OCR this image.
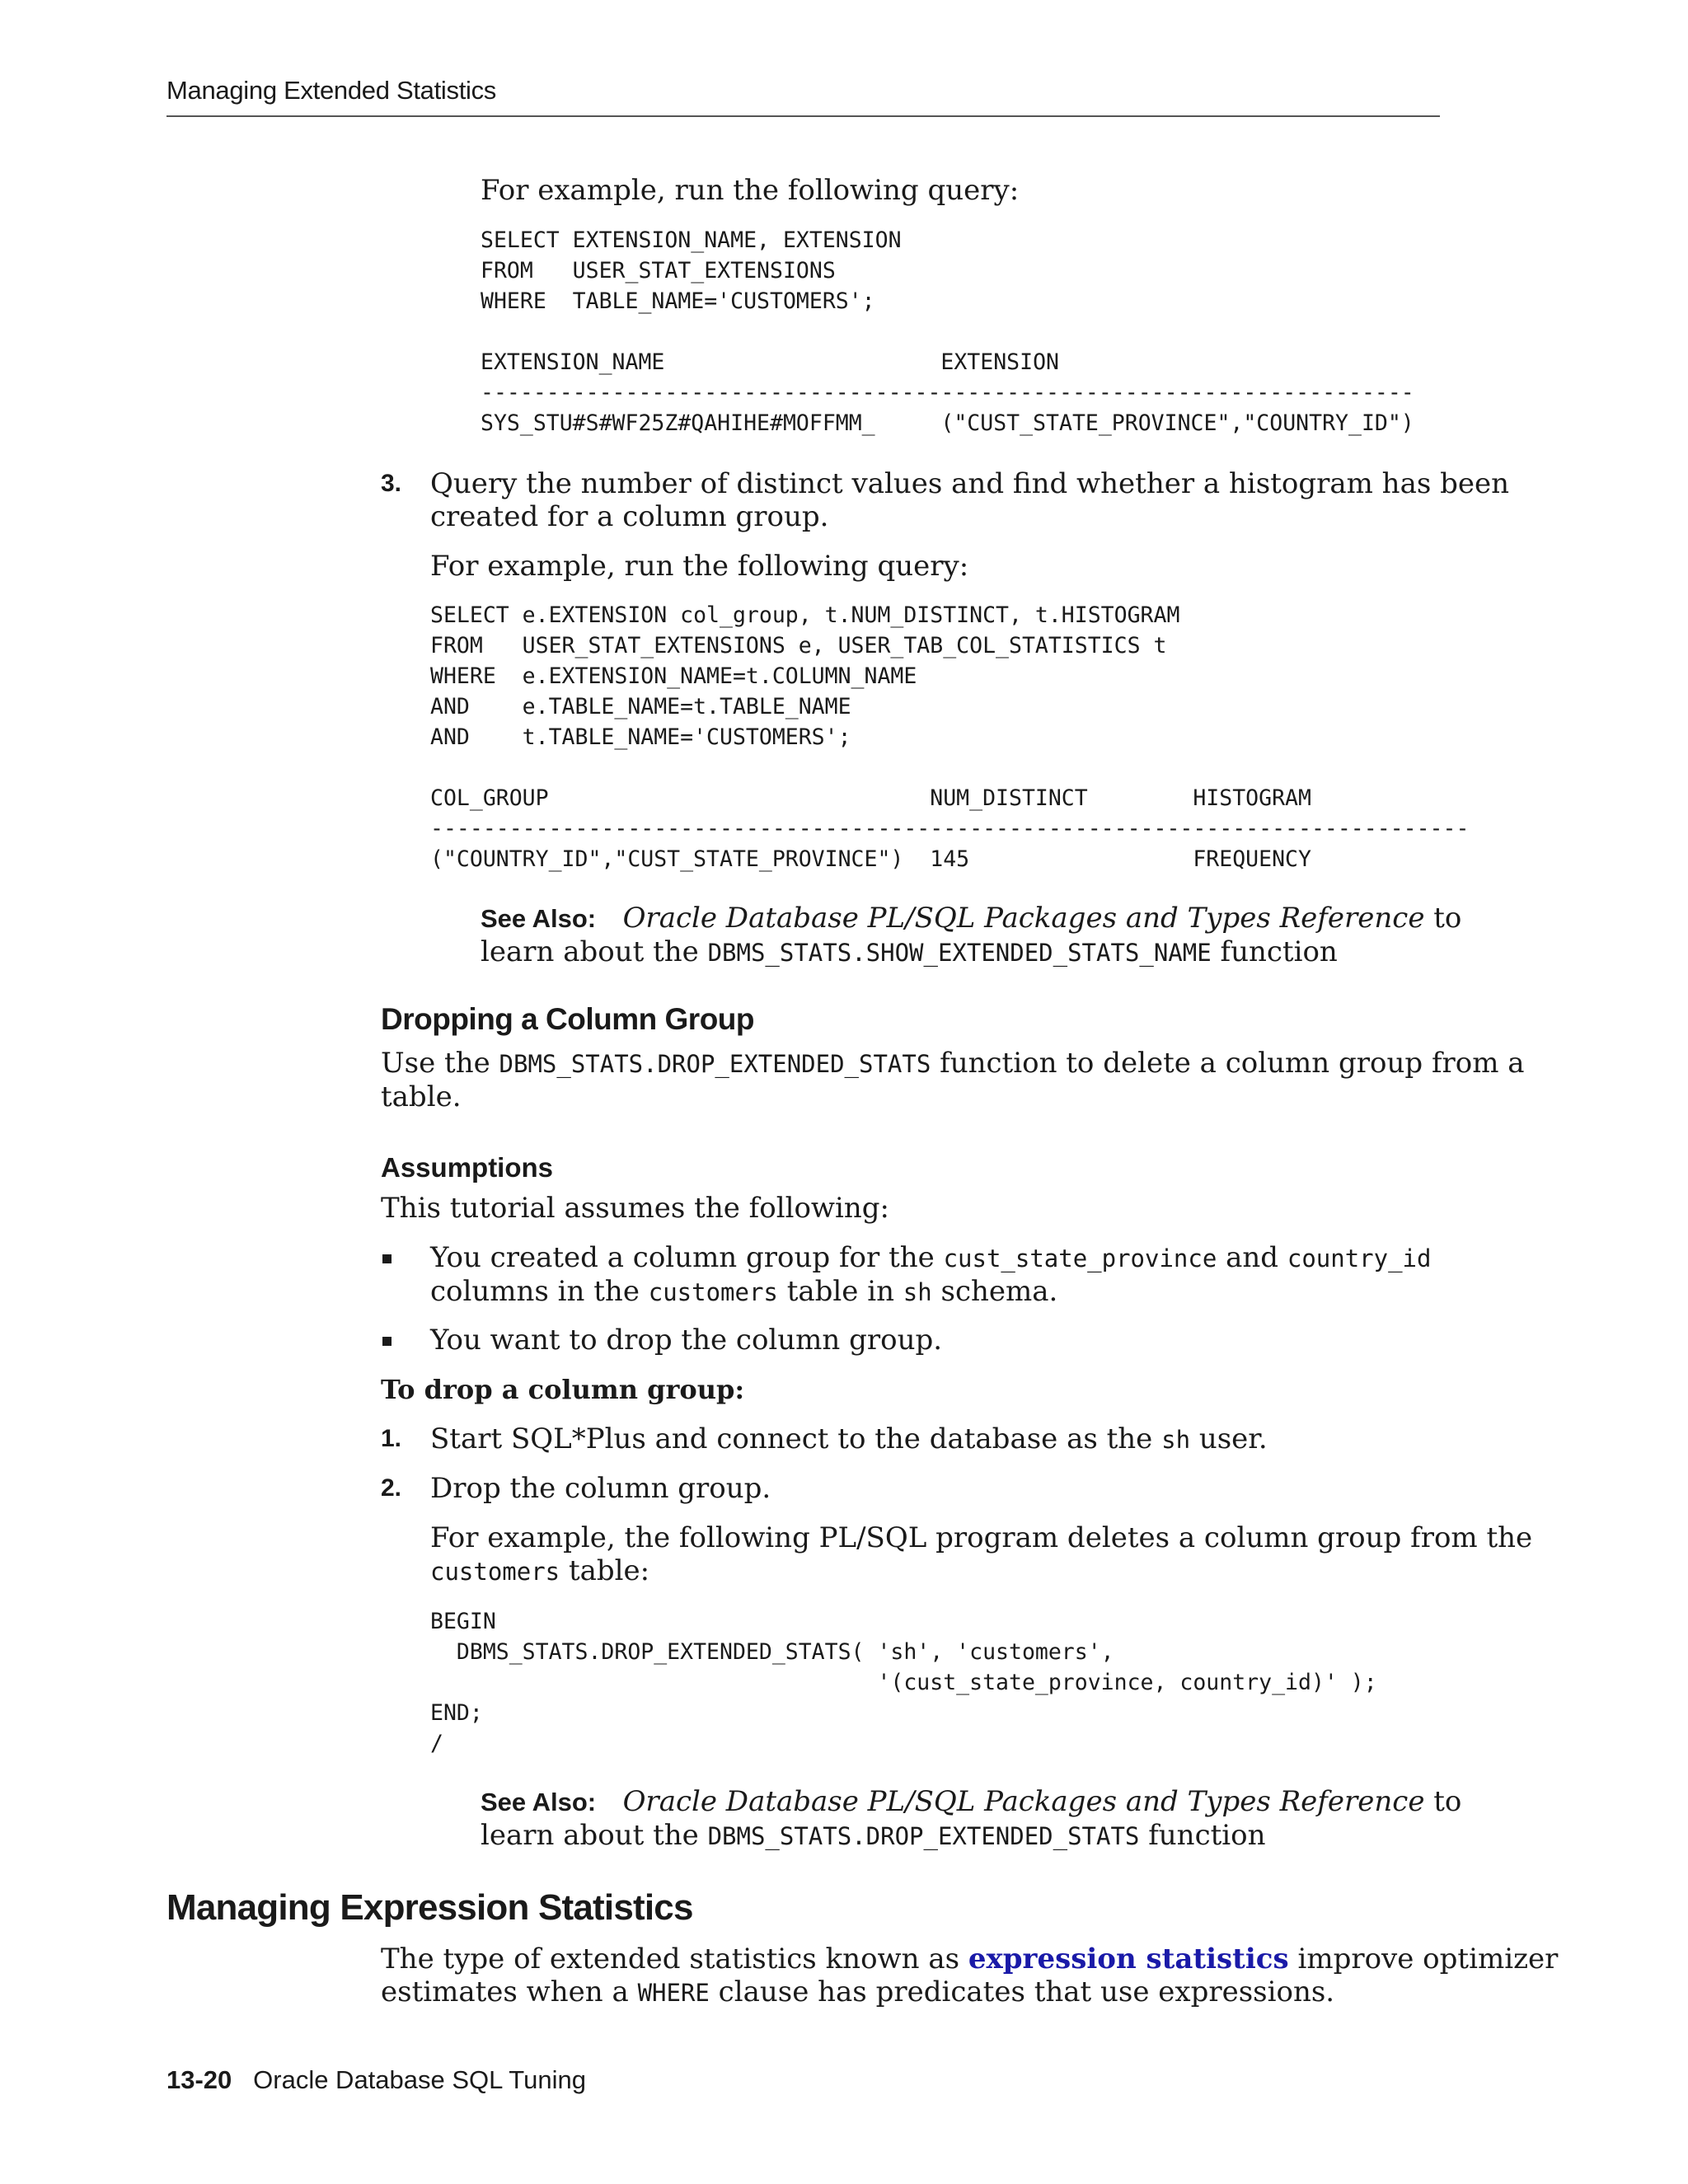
Managing Extended Statistics
For example, run the following query:
SELECT EXTENSION_NAME, EXTENSION
FROM   USER_STAT_EXTENSIONS
WHERE  TABLE_NAME='CUSTOMERS';

EXTENSION_NAME                     EXTENSION
-----------------------------------------------------------------------
SYS_STU#S#WF25Z#QAHIHE#MOFFMM_     ("CUST_STATE_PROVINCE","COUNTRY_ID")
3. Query the number of distinct values and find whether a histogram has been
created for a column group.
For example, run the following query:
SELECT e.EXTENSION col_group, t.NUM_DISTINCT, t.HISTOGRAM
FROM   USER_STAT_EXTENSIONS e, USER_TAB_COL_STATISTICS t
WHERE  e.EXTENSION_NAME=t.COLUMN_NAME
AND    e.TABLE_NAME=t.TABLE_NAME
AND    t.TABLE_NAME='CUSTOMERS';

COL_GROUP                             NUM_DISTINCT        HISTOGRAM
-------------------------------------------------------------------------------
("COUNTRY_ID","CUST_STATE_PROVINCE")  145                 FREQUENCY
See Also: Oracle Database PL/SQL Packages and Types Reference to
learn about the DBMS_STATS.SHOW_EXTENDED_STATS_NAME function
Dropping a Column Group
Use the DBMS_STATS.DROP_EXTENDED_STATS function to delete a column group from a
table.
Assumptions
This tutorial assumes the following:
You created a column group for the cust_state_province and country_id
columns in the customers table in sh schema.
You want to drop the column group.
To drop a column group:
1. Start SQL*Plus and connect to the database as the sh user.
2. Drop the column group.
For example, the following PL/SQL program deletes a column group from the
customers table:
BEGIN
DBMS_STATS.DROP_EXTENDED_STATS( 'sh', 'customers',
'(cust_state_province, country_id)' );
END;
/
See Also: Oracle Database PL/SQL Packages and Types Reference to
learn about the DBMS_STATS.DROP_EXTENDED_STATS function
Managing Expression Statistics
The type of extended statistics known as expression statistics improve optimizer
estimates when a WHERE clause has predicates that use expressions.
13-20 Oracle Database SQL Tuning
